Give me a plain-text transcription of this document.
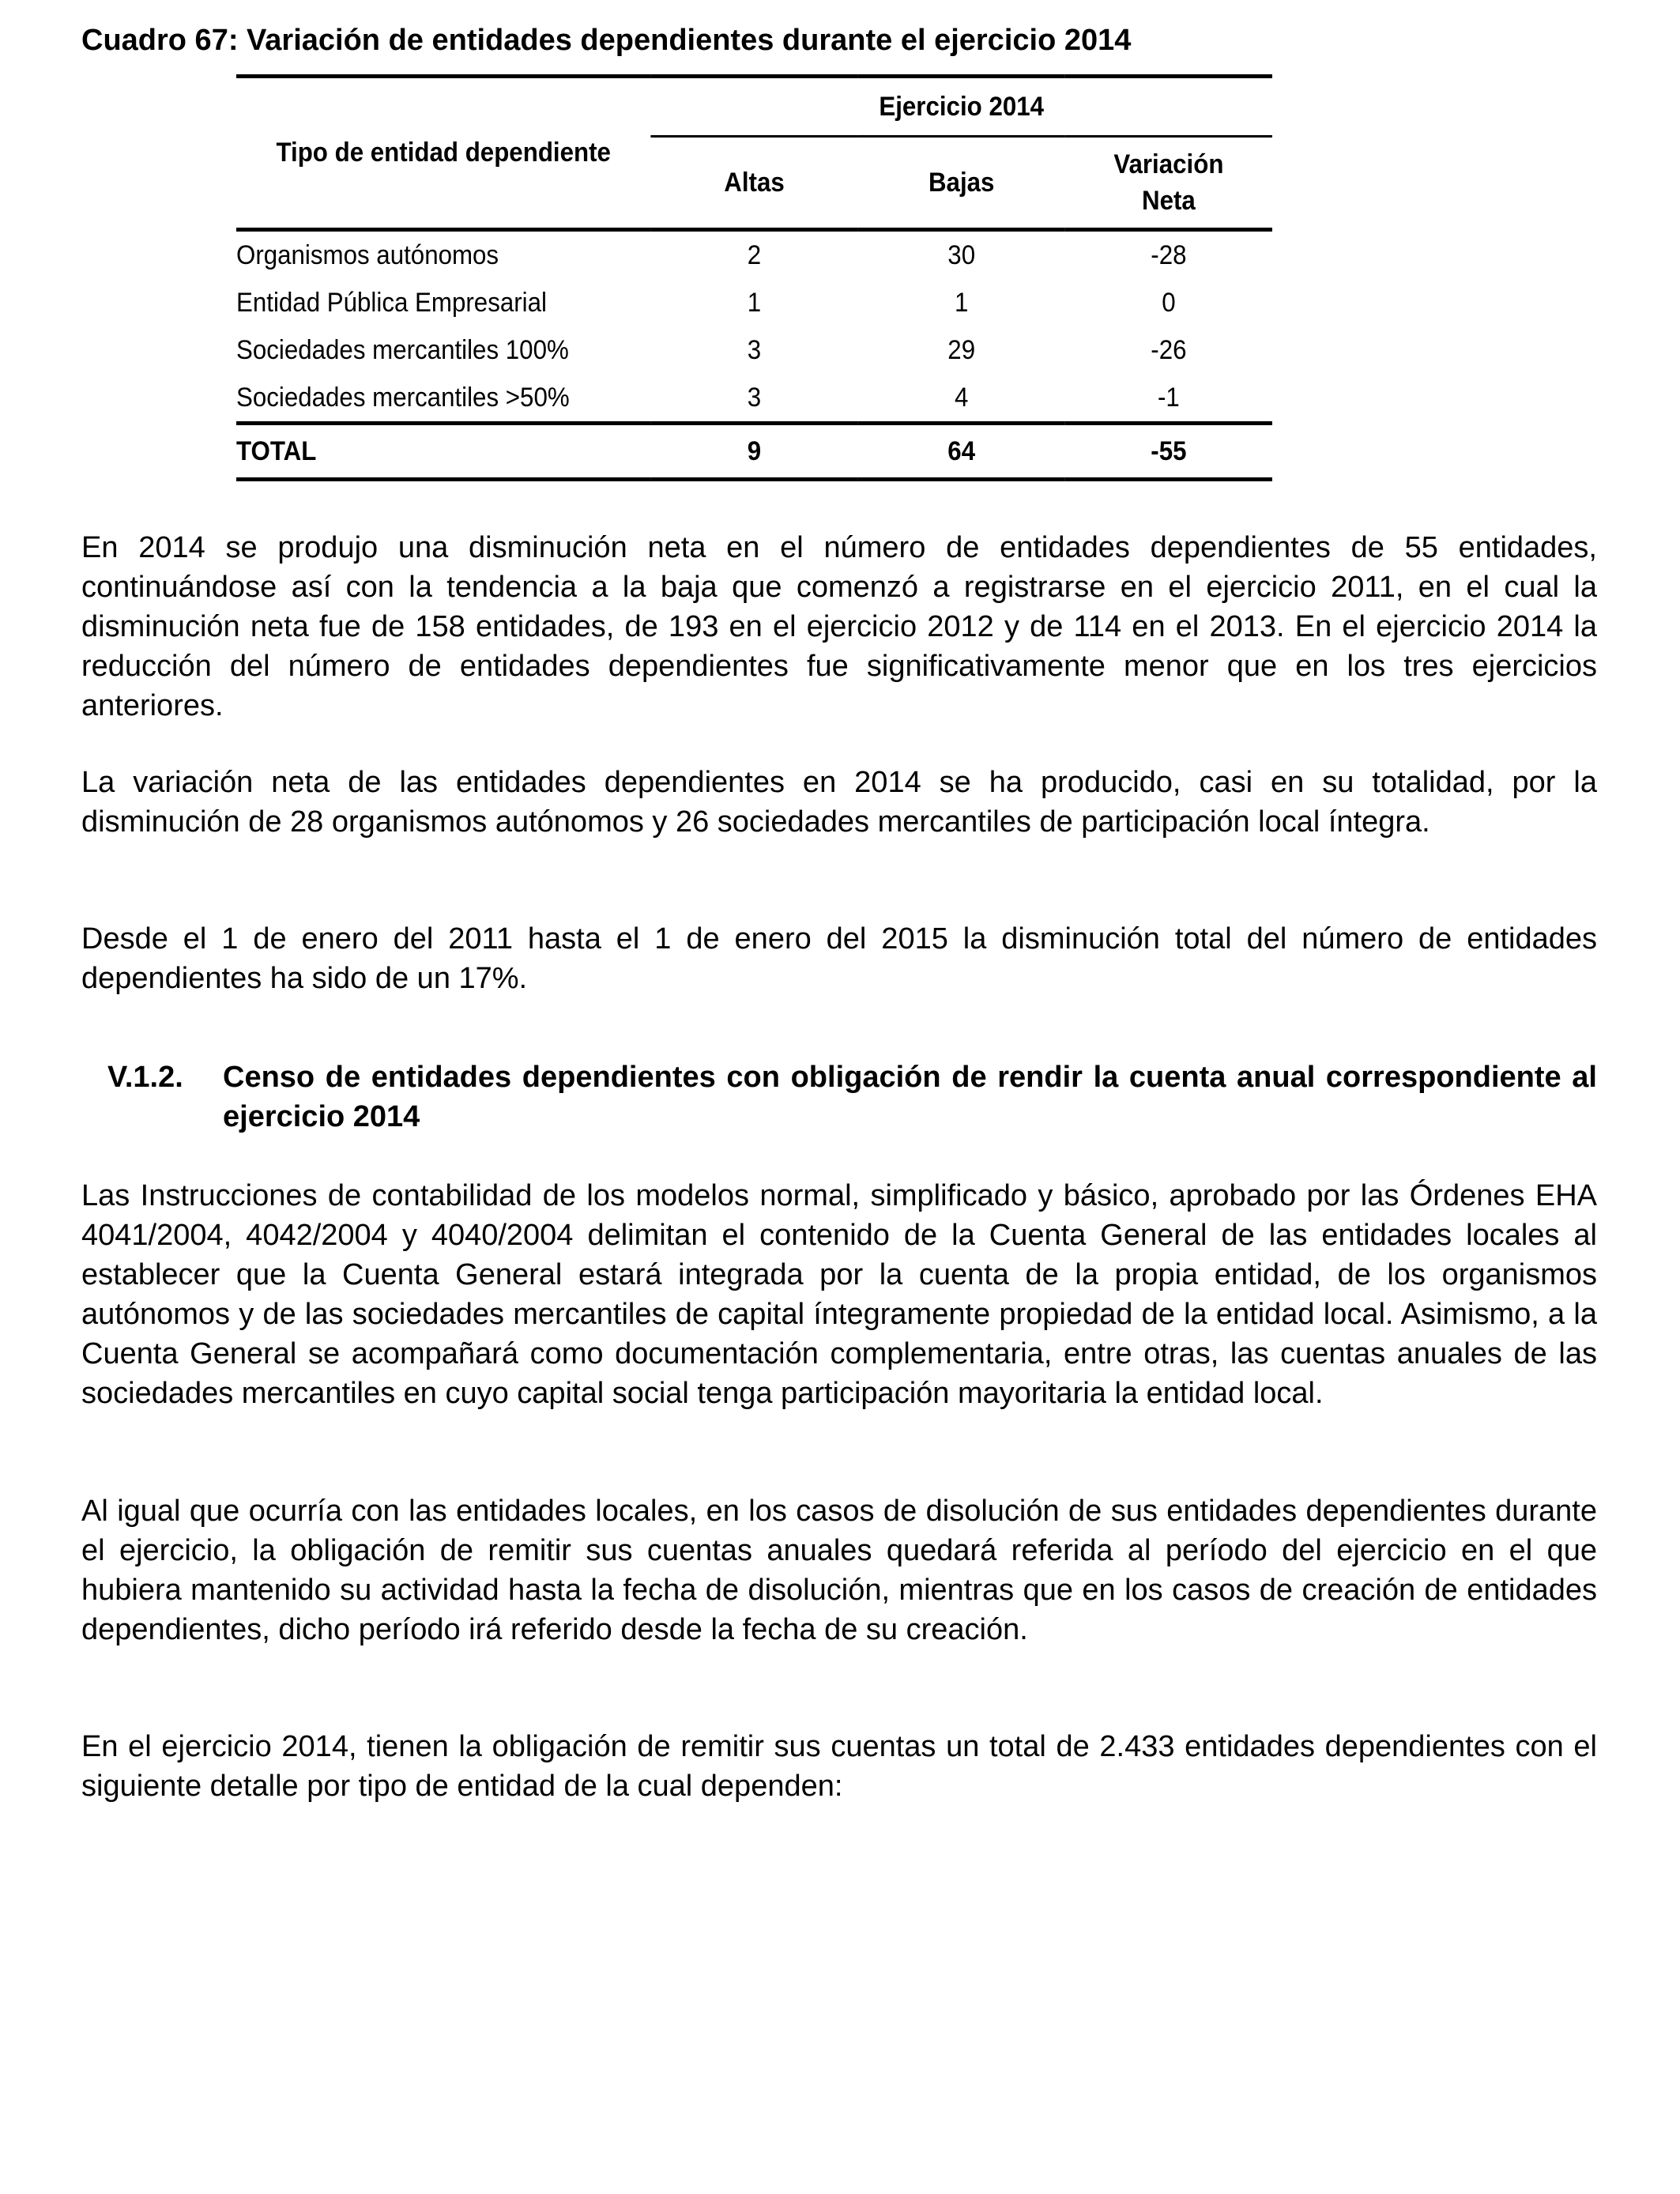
Cuadro 67: Variación de entidades dependientes durante el ejercicio 2014

Tipo de entidad dependiente	Ejercicio 2014		
	Altas	Bajas	Variación
Neta
Organismos autónomos	2	30	-28
Entidad Pública Empresarial	1	1	0
Sociedades mercantiles 100%	3	29	-26
Sociedades mercantiles >50%	3	4	-1
TOTAL	9	64	-55

En 2014 se produjo una disminución neta en el número de entidades dependientes de 55 entidades, continuándose así con la tendencia a la baja que comenzó a registrarse en el ejercicio 2011, en el cual la disminución neta fue de 158 entidades, de 193 en el ejercicio 2012 y de 114 en el 2013. En el ejercicio 2014 la reducción del número de entidades dependientes fue significativamente menor que en los tres ejercicios anteriores.

La variación neta de las entidades dependientes en 2014 se ha producido, casi en su totalidad, por la disminución de 28 organismos autónomos y 26 sociedades mercantiles de participación local íntegra.

Desde el 1 de enero del 2011 hasta el 1 de enero del 2015 la disminución total del número de entidades dependientes ha sido de un 17%.

V.1.2.	Censo de entidades dependientes con obligación de rendir la cuenta anual correspondiente al ejercicio 2014

Las Instrucciones de contabilidad de los modelos normal, simplificado y básico, aprobado por las Órdenes EHA 4041/2004, 4042/2004 y 4040/2004 delimitan el contenido de la Cuenta General de las entidades locales al establecer que la Cuenta General estará integrada por la cuenta de la propia entidad, de los organismos autónomos y de las sociedades mercantiles de capital íntegramente propiedad de la entidad local. Asimismo, a la Cuenta General se acompañará como documentación complementaria, entre otras, las cuentas anuales de las sociedades mercantiles en cuyo capital social tenga participación mayoritaria la entidad local.

Al igual que ocurría con las entidades locales, en los casos de disolución de sus entidades dependientes durante el ejercicio, la obligación de remitir sus cuentas anuales quedará referida al período del ejercicio en el que hubiera mantenido su actividad hasta la fecha de disolución, mientras que en los casos de creación de entidades dependientes, dicho período irá referido desde la fecha de su creación.

En el ejercicio 2014, tienen la obligación de remitir sus cuentas un total de 2.433 entidades dependientes con el siguiente detalle por tipo de entidad de la cual dependen:
